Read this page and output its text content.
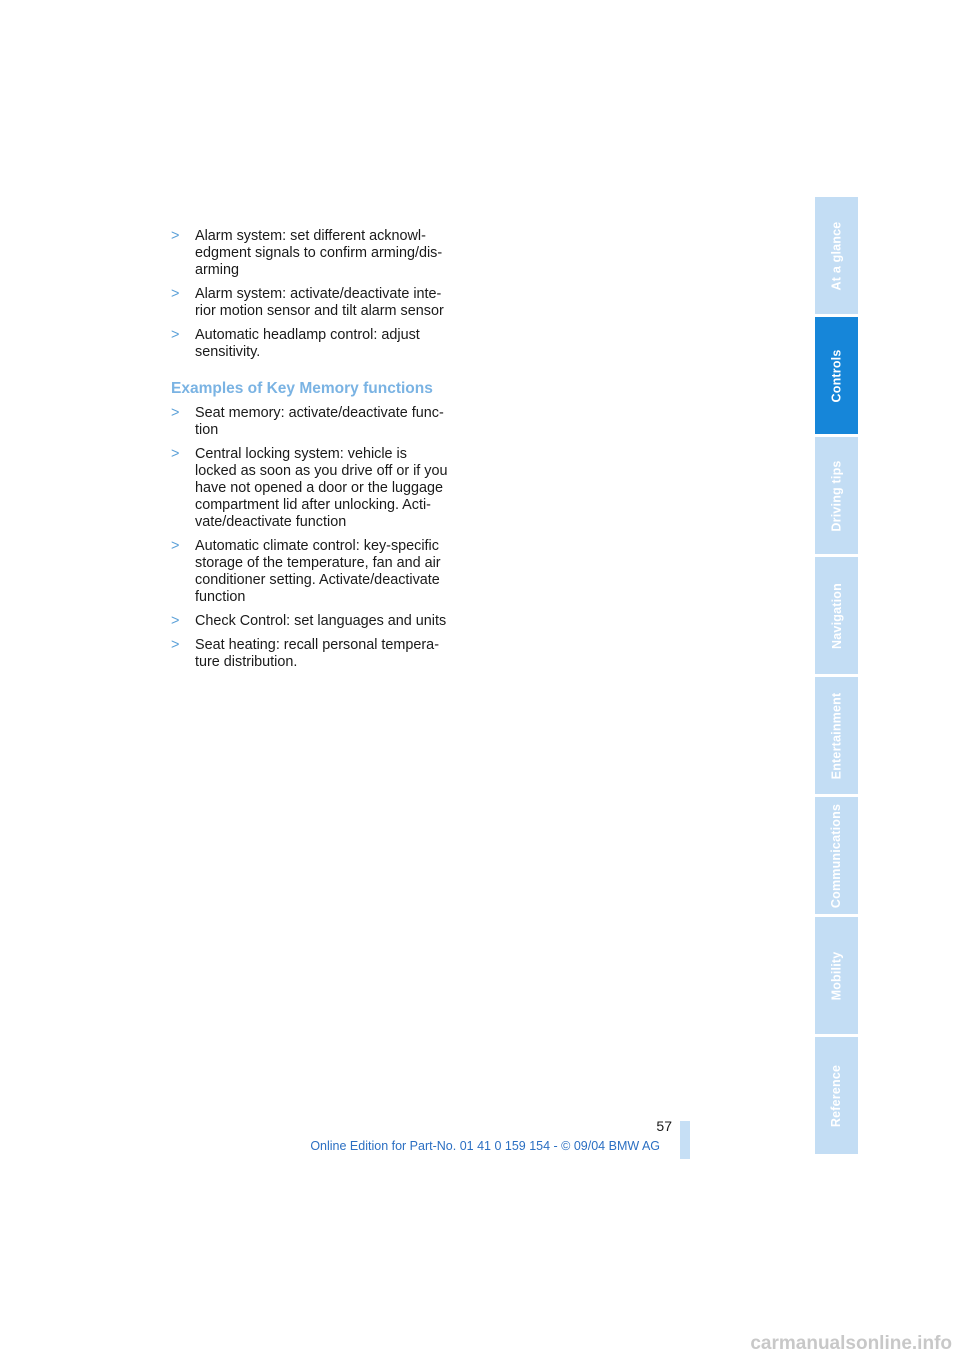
> Alarm system: set different acknowl-
edgment signals to confirm arming/dis-
arming
> Alarm system: activate/deactivate inte-
rior motion sensor and tilt alarm sensor
> Automatic headlamp control: adjust
sensitivity.
Examples of Key Memory functions
> Seat memory: activate/deactivate func-
tion
> Central locking system: vehicle is
locked as soon as you drive off or if you
have not opened a door or the luggage
compartment lid after unlocking. Acti-
vate/deactivate function
> Automatic climate control: key-specific
storage of the temperature, fan and air
conditioner setting. Activate/deactivate
function
> Check Control: set languages and units
> Seat heating: recall personal tempera-
ture distribution.
At a glance
Controls
Driving tips
Navigation
Entertainment
Communications
Mobility
Reference
57
Online Edition for Part-No. 01 41 0 159 154 - © 09/04 BMW AG
carmanualsonline.info
